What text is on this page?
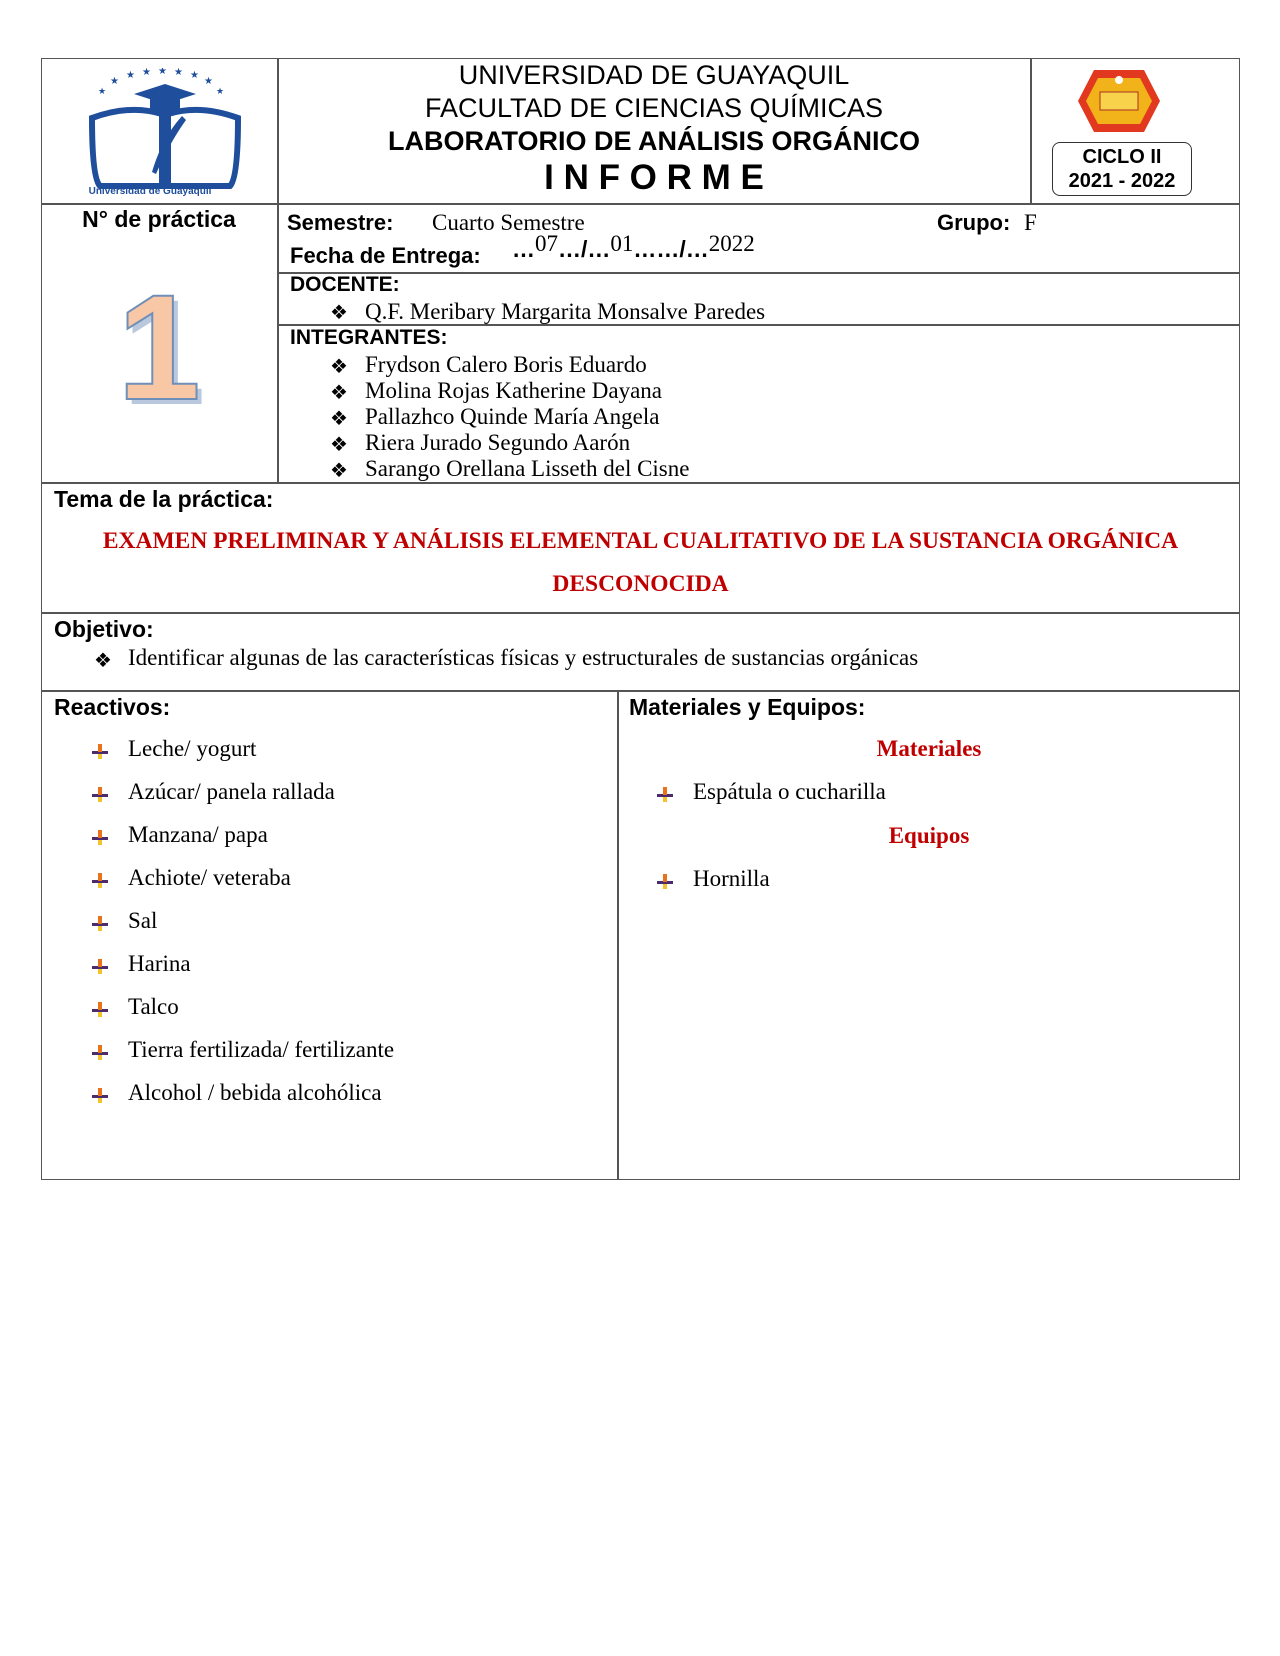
★
★ ★ ★ ★ ★
★
★	★
Universidad de Guayaquil
UNIVERSIDAD DE GUAYAQUIL
FACULTAD DE CIENCIAS QUÍMICAS
LABORATORIO DE ANÁLISIS ORGÁNICO
I N F O R M E
CICLO II
2021 - 2022
N° de práctica
1
Semestre: Cuarto Semestre	Grupo: F
Fecha de Entrega: …07…/…01……/…2022
DOCENTE:
❖ Q.F. Meribary Margarita Monsalve Paredes
INTEGRANTES:
❖ Frydson Calero Boris Eduardo
❖ Molina Rojas Katherine Dayana
❖ Pallazhco Quinde María Angela
❖ Riera Jurado Segundo Aarón
❖ Sarango Orellana Lisseth del Cisne
Tema de la práctica:
EXAMEN PRELIMINAR Y ANÁLISIS ELEMENTAL CUALITATIVO DE LA SUSTANCIA ORGÁNICA
DESCONOCIDA
Objetivo:
❖ Identificar algunas de las características físicas y estructurales de sustancias orgánicas
Reactivos:
Leche/ yogurt
Azúcar/ panela rallada
Manzana/ papa
Achiote/ veteraba
Sal
Harina
Talco
Tierra fertilizada/ fertilizante
Alcohol / bebida alcohólica
Materiales y Equipos:
Materiales
Espátula o cucharilla
Equipos
Hornilla
